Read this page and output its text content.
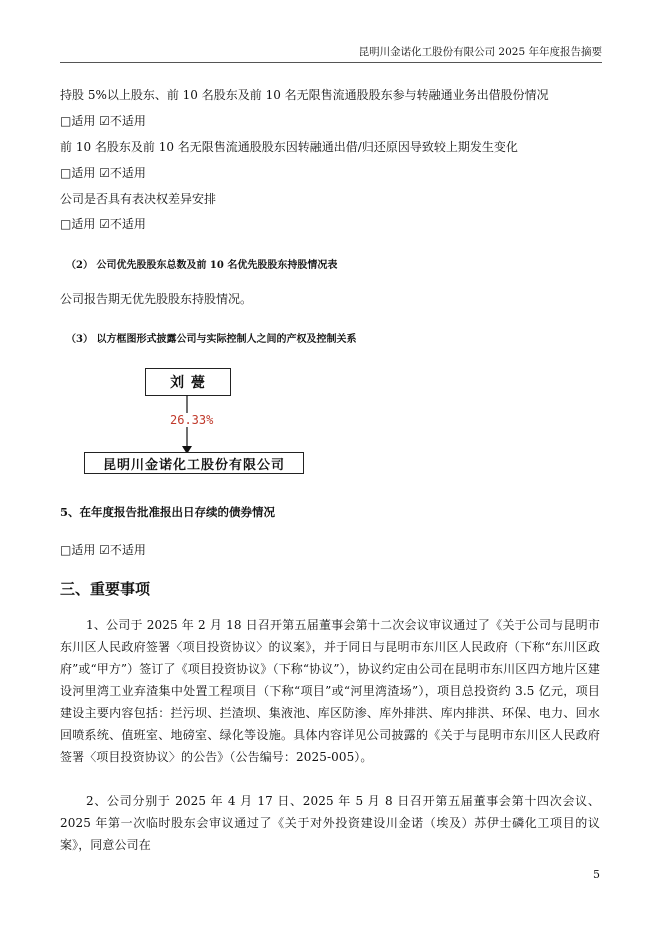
昆明川金诺化工股份有限公司 2025 年年度报告摘要
持股 5%以上股东、前 10 名股东及前 10 名无限售流通股股东参与转融通业务出借股份情况
□适用 ☑不适用
前 10 名股东及前 10 名无限售流通股股东因转融通出借/归还原因导致较上期发生变化
□适用 ☑不适用
公司是否具有表决权差异安排
□适用 ☑不适用
（2） 公司优先股股东总数及前 10 名优先股股东持股情况表
公司报告期无优先股股东持股情况。
（3） 以方框图形式披露公司与实际控制人之间的产权及控制关系
刘 甍
26.33%
昆明川金诺化工股份有限公司
5、在年度报告批准报出日存续的债券情况
□适用 ☑不适用
三、重要事项
1、公司于 2025 年 2 月 18 日召开第五届董事会第十二次会议审议通过了《关于公司与昆明市东川区人民政府签署〈项目投资协议〉的议案》，并于同日与昆明市东川区人民政府（下称“东川区政府”或“甲方”）签订了《项目投资协议》（下称“协议”），协议约定由公司在昆明市东川区四方地片区建设河里湾工业弃渣集中处置工程项目（下称“项目”或“河里湾渣场”），项目总投资约 3.5 亿元，项目建设主要内容包括：拦污坝、拦渣坝、集液池、库区防渗、库外排洪、库内排洪、环保、电力、回水回喷系统、值班室、地磅室、绿化等设施。具体内容详见公司披露的《关于与昆明市东川区人民政府签署〈项目投资协议〉的公告》（公告编号：2025-005）。
2、公司分别于 2025 年 4 月 17 日、2025 年 5 月 8 日召开第五届董事会第十四次会议、2025 年第一次临时股东会审议通过了《关于对外投资建设川金诺（埃及）苏伊士磷化工项目的议案》，同意公司在
5
